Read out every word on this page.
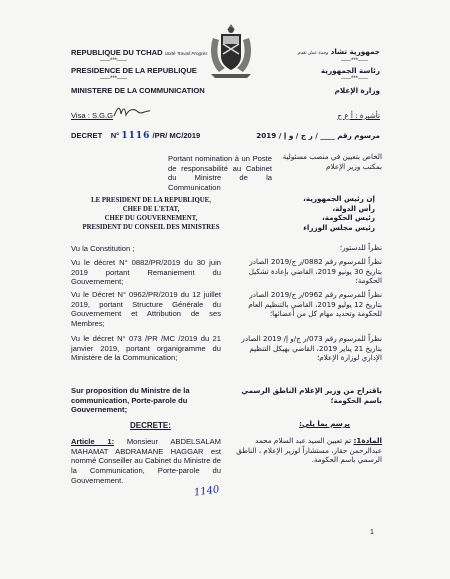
REPUBLIQUE DU TCHAD Unité Travail Progrès
-----***-----
PRESIDENCE DE LA REPUBLIQUE
-----***-----
MINISTERE DE LA COMMUNICATION
جمهورية تشاد وحدة عمل تقدم
-----***-----
رئاسة الجمهورية
-----***-----
وزارة الإعلام
Visa : S.G.G	تأشيرة : أ ع ح
DECRET N° 1116 /PR/ MC/2019	مرسوم رقم ____ / ر ج / و إ / 2019
Portant nomination à un Poste de responsabilité au Cabinet du Ministre de la Communication
الخاص بتعيين في منصب مسئولية بمكتب وزير الإعلام
LE PRESIDENT DE LA REPUBLIQUE,
CHEF DE L'ETAT,
CHEF DU GOUVERNEMENT,
PRESIDENT DU CONSEIL DES MINISTRES
إن رئيس الجمهورية،
رأس الدولة،
رئيس الحكومة،
رئيس مجلس الوزراء
Vu la Constitution ;
Vu le décret N° 0882/PR/2019 du 30 juin 2019 portant Remaniement du Gouvernement;
Vu le Décret N° 0962/PR/2019 du 12 juillet 2019, portant Structure Générale du Gouvernement et Attribution de ses Membres;
Vu le décret N° 073 /PR /MC /2019 du 21 janvier 2019, portant organigramme du Ministère de la Communication;
نظراً للدستور؛
نظراً للمرسوم رقم 0882/ر ج/2019 الصادر بتاريخ 30 يونيو 2019، القاضي بإعادة تشكيل الحكومة؛
نظراً للمرسوم رقم 0962/ر ج/2019 الصادر بتاريخ 12 يوليو 2019، القاضي بالتنظيم العام للحكومة وتحديد مهام كل من أعضائها؛
نظراً للمرسوم رقم 073/ر ج/و إ/ 2019 الصادر بتاريخ 21 يناير 2019، القاضي بهيكل التنظيم الإداري لوزارة الإعلام؛
Sur proposition du Ministre de la communication, Porte-parole du Gouvernement;
باقتراح من وزير الإعلام الناطق الرسمي باسم الحكومة؛
DECRETE:	يرسم بما يلي:
Article 1: Monsieur ABDELSALAM MAHAMAT ABDRAMANE HAGGAR est nommé Conseiller au Cabinet du Ministre de la Communication, Porte-parole du Gouvernement.
المادة1: تم تعيين السيد عبد السلام محمد عبدالرحمن حقار، مستشاراً لوزير الإعلام ، الناطق الرسمي باسم الحكومة.
1140
1
